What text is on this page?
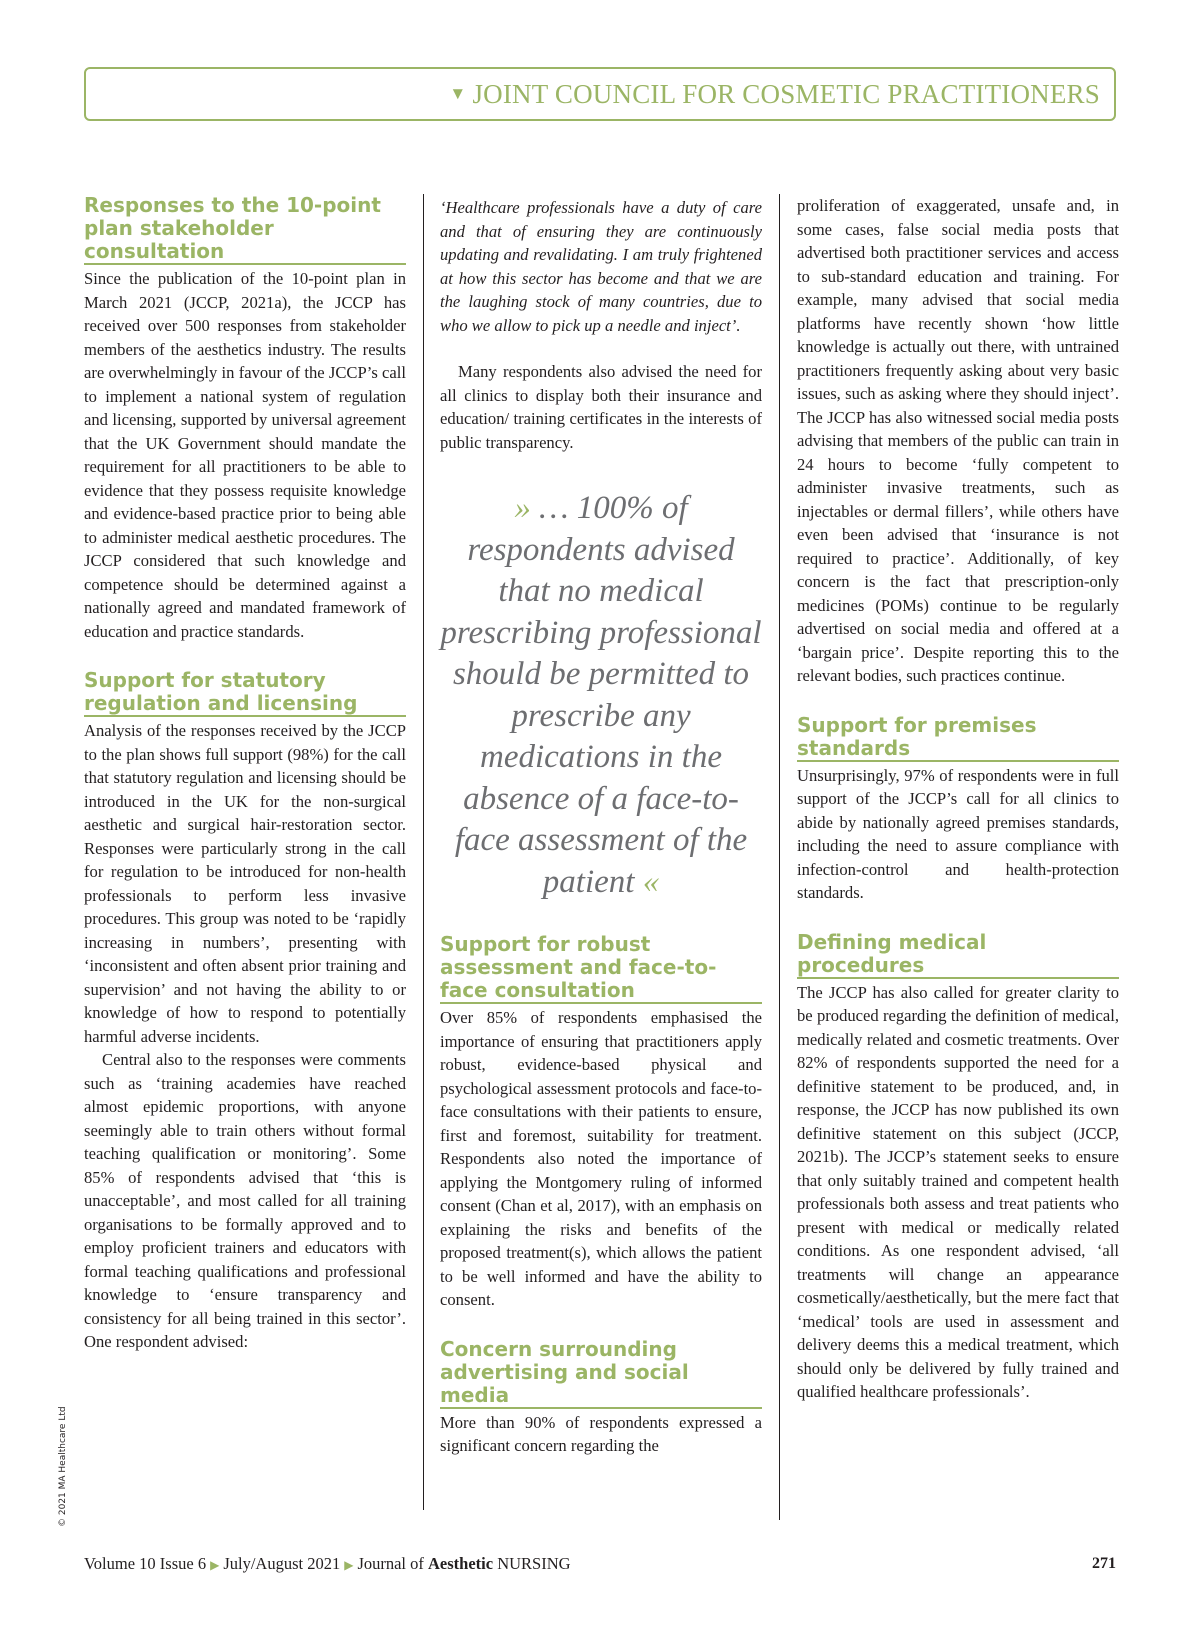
▼ JOINT COUNCIL FOR COSMETIC PRACTITIONERS
Responses to the 10-point plan stakeholder consultation

Since the publication of the 10-point plan in March 2021 (JCCP, 2021a), the JCCP has received over 500 responses from stakeholder members of the aesthetics industry. The results are overwhelmingly in favour of the JCCP’s call to implement a national system of regulation and licensing, supported by universal agreement that the UK Government should mandate the requirement for all practitioners to be able to evidence that they possess requisite knowledge and evidence-based practice prior to being able to administer medical aesthetic procedures. The JCCP considered that such knowledge and competence should be determined against a nationally agreed and mandated framework of education and practice standards.

Support for statutory regulation and licensing

Analysis of the responses received by the JCCP to the plan shows full support (98%) for the call that statutory regulation and licensing should be introduced in the UK for the non-surgical aesthetic and surgical hair-restoration sector. Responses were particularly strong in the call for regulation to be introduced for non-health professionals to perform less invasive procedures. This group was noted to be ‘rapidly increasing in numbers’, presenting with ‘inconsistent and often absent prior training and supervision’ and not having the ability to or knowledge of how to respond to potentially harmful adverse incidents.

Central also to the responses were comments such as ‘training academies have reached almost epidemic proportions, with anyone seemingly able to train others without formal teaching qualification or monitoring’. Some 85% of respondents advised that ‘this is unacceptable’, and most called for all training organisations to be formally approved and to employ proficient trainers and educators with formal teaching qualifications and professional knowledge to ‘ensure transparency and consistency for all being trained in this sector’. One respondent advised:

‘Healthcare professionals have a duty of care and that of ensuring they are continuously updating and revalidating. I am truly frightened at how this sector has become and that we are the laughing stock of many countries, due to who we allow to pick up a needle and inject’.

Many respondents also advised the need for all clinics to display both their insurance and education/ training certificates in the interests of public transparency.

» … 100% of respondents advised that no medical prescribing professional should be permitted to prescribe any medications in the absence of a face-to-face assessment of the patient «
Support for robust assessment and face-to-face consultation

Over 85% of respondents emphasised the importance of ensuring that practitioners apply robust, evidence-based physical and psychological assessment protocols and face-to-face consultations with their patients to ensure, first and foremost, suitability for treatment. Respondents also noted the importance of applying the Montgomery ruling of informed consent (Chan et al, 2017), with an emphasis on explaining the risks and benefits of the proposed treatment(s), which allows the patient to be well informed and have the ability to consent.

Concern surrounding advertising and social media

More than 90% of respondents expressed a significant concern regarding the

proliferation of exaggerated, unsafe and, in some cases, false social media posts that advertised both practitioner services and access to sub-standard education and training. For example, many advised that social media platforms have recently shown ‘how little knowledge is actually out there, with untrained practitioners frequently asking about very basic issues, such as asking where they should inject’. The JCCP has also witnessed social media posts advising that members of the public can train in 24 hours to become ‘fully competent to administer invasive treatments, such as injectables or dermal fillers’, while others have even been advised that ‘insurance is not required to practice’. Additionally, of key concern is the fact that prescription-only medicines (POMs) continue to be regularly advertised on social media and offered at a ‘bargain price’. Despite reporting this to the relevant bodies, such practices continue.

Support for premises standards

Unsurprisingly, 97% of respondents were in full support of the JCCP’s call for all clinics to abide by nationally agreed premises standards, including the need to assure compliance with infection-control and health-protection standards.

Defining medical procedures

The JCCP has also called for greater clarity to be produced regarding the definition of medical, medically related and cosmetic treatments. Over 82% of respondents supported the need for a definitive statement to be produced, and, in response, the JCCP has now published its own definitive statement on this subject (JCCP, 2021b). The JCCP’s statement seeks to ensure that only suitably trained and competent health professionals both assess and treat patients who present with medical or medically related conditions. As one respondent advised, ‘all treatments will change an appearance cosmetically/aesthetically, but the mere fact that ‘medical’ tools are used in assessment and delivery deems this a medical treatment, which should only be delivered by fully trained and qualified healthcare professionals’.

© 2021 MA Healthcare Ltd
Volume 10 Issue 6 ▶ July/August 2021 ▶ Journal of Aesthetic NURSING	271
